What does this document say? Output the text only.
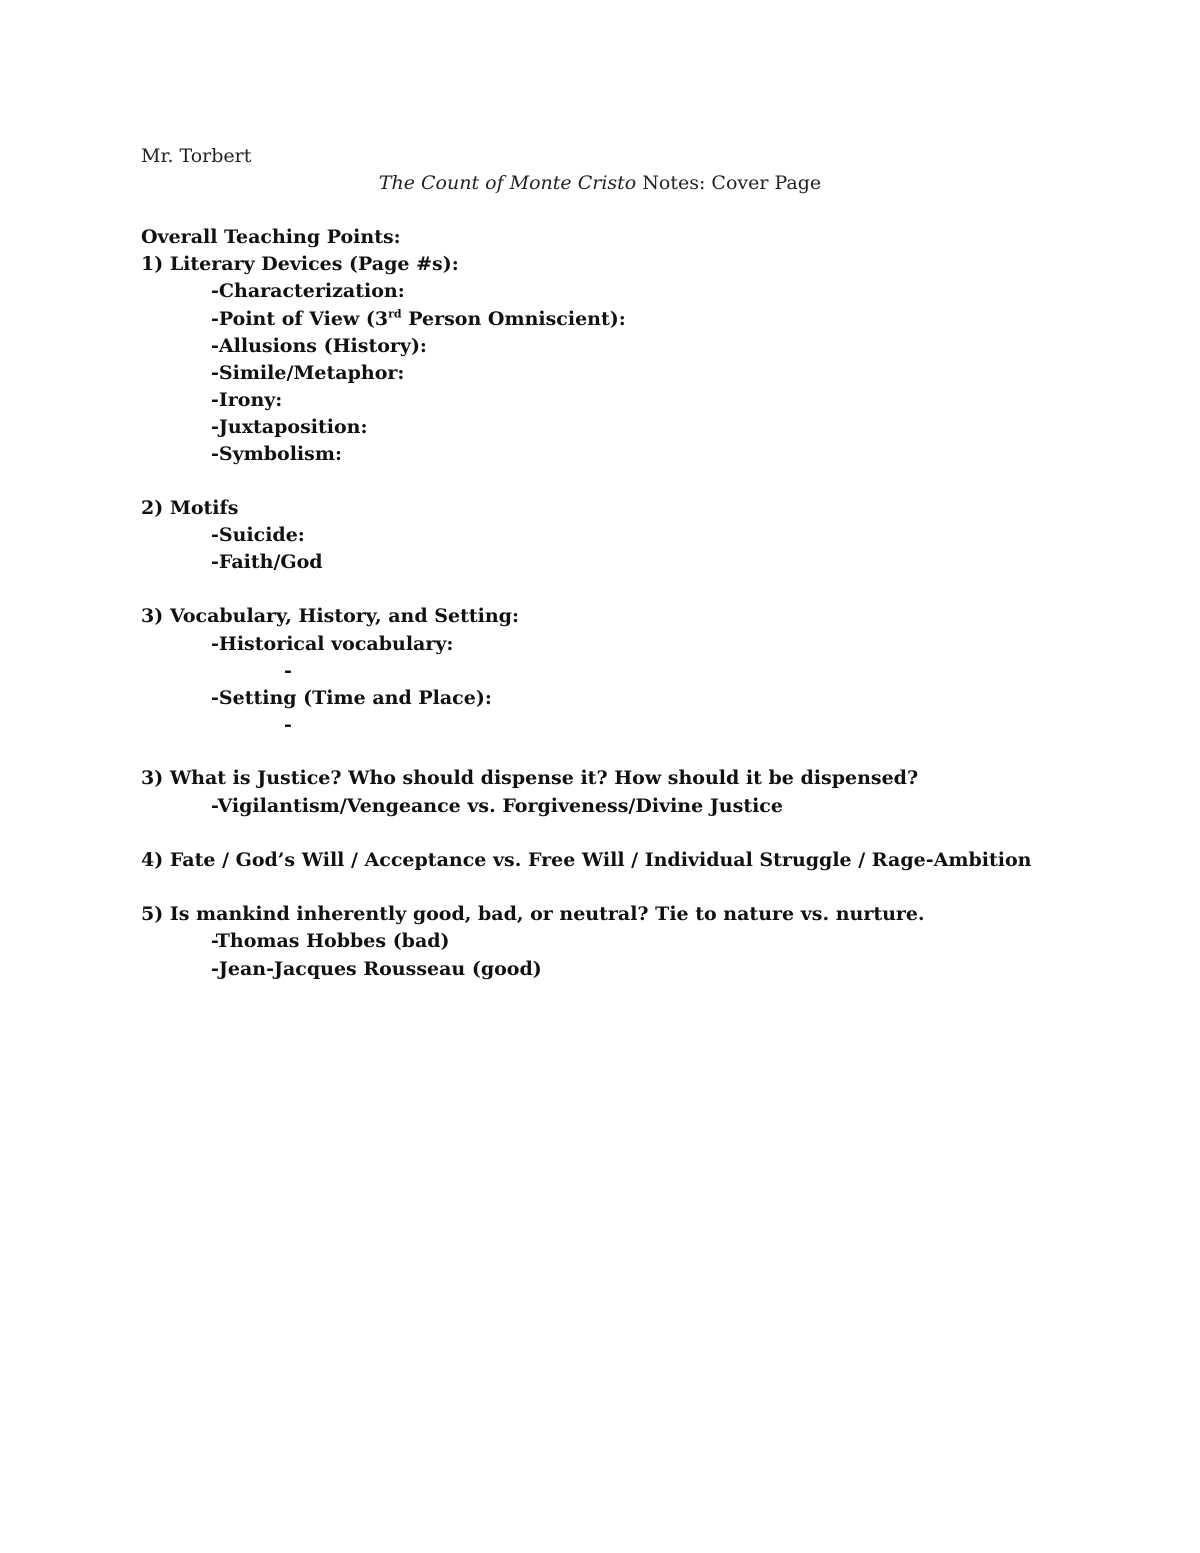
Mr. Torbert
The Count of Monte Cristo Notes: Cover Page
Overall Teaching Points:
1) Literary Devices (Page #s):
-Characterization:
-Point of View (3rd Person Omniscient):
-Allusions (History):
-Simile/Metaphor:
-Irony:
-Juxtaposition:
-Symbolism:
2) Motifs
-Suicide:
-Faith/God
3) Vocabulary, History, and Setting:
-Historical vocabulary:
-
-Setting (Time and Place):
-
3) What is Justice? Who should dispense it? How should it be dispensed?
-Vigilantism/Vengeance vs. Forgiveness/Divine Justice
4) Fate / God’s Will / Acceptance vs. Free Will / Individual Struggle / Rage-Ambition
5) Is mankind inherently good, bad, or neutral? Tie to nature vs. nurture.
-Thomas Hobbes (bad)
-Jean-Jacques Rousseau (good)
